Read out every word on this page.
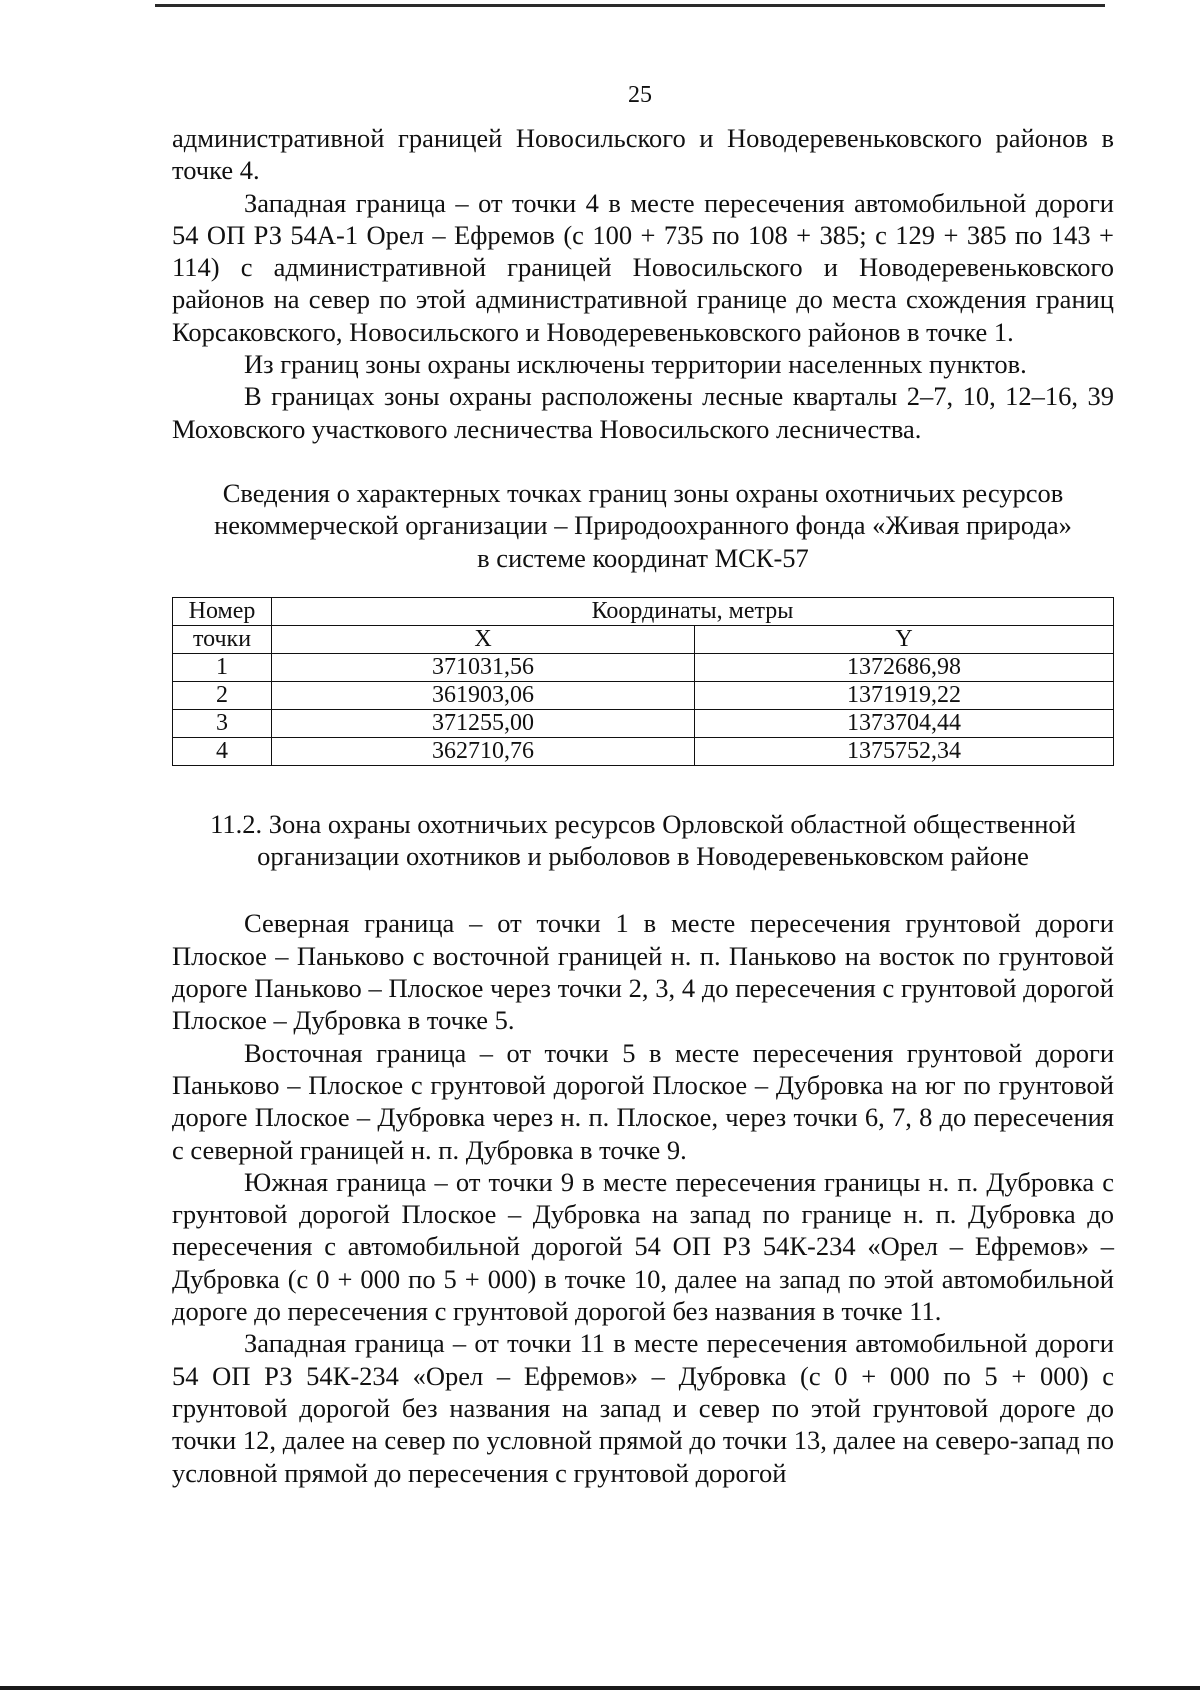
25

административной границей Новосильского и Новодеревеньковского районов в точке 4.

Западная граница – от точки 4 в месте пересечения автомобильной дороги 54 ОП РЗ 54А-1 Орел – Ефремов (с 100 + 735 по 108 + 385; с 129 + 385 по 143 + 114) с административной границей Новосильского и Новодеревеньковского районов на север по этой административной границе до места схождения границ Корсаковского, Новосильского и Новодеревеньковского районов в точке 1.

Из границ зоны охраны исключены территории населенных пунктов.

В границах зоны охраны расположены лесные кварталы 2–7, 10, 12–16, 39 Моховского участкового лесничества Новосильского лесничества.

Сведения о характерных точках границ зоны охраны охотничьих ресурсов
некоммерческой организации – Природоохранного фонда «Живая природа»
в системе координат МСК-57
Номер	Координаты, метры	
точки	X	Y
1	371031,56	1372686,98
2	361903,06	1371919,22
3	371255,00	1373704,44
4	362710,76	1375752,34
11.2. Зона охраны охотничьих ресурсов Орловской областной общественной
организации охотников и рыболовов в Новодеревеньковском районе

Северная граница – от точки 1 в месте пересечения грунтовой дороги Плоское – Паньково с восточной границей н. п. Паньково на восток по грунтовой дороге Паньково – Плоское через точки 2, 3, 4 до пересечения с грунтовой дорогой Плоское – Дубровка в точке 5.

Восточная граница – от точки 5 в месте пересечения грунтовой дороги Паньково – Плоское с грунтовой дорогой Плоское – Дубровка на юг по грунтовой дороге Плоское – Дубровка через н. п. Плоское, через точки 6, 7, 8 до пересечения с северной границей н. п. Дубровка в точке 9.

Южная граница – от точки 9 в месте пересечения границы н. п. Дубровка с грунтовой дорогой Плоское – Дубровка на запад по границе н. п. Дубровка до пересечения с автомобильной дорогой 54 ОП РЗ 54К-234 «Орел – Ефремов» – Дубровка (с 0 + 000 по 5 + 000) в точке 10, далее на запад по этой автомобильной дороге до пересечения с грунтовой дорогой без названия в точке 11.

Западная граница – от точки 11 в месте пересечения автомобильной дороги 54 ОП РЗ 54К-234 «Орел – Ефремов» – Дубровка (с 0 + 000 по 5 + 000) с грунтовой дорогой без названия на запад и север по этой грунтовой дороге до точки 12, далее на север по условной прямой до точки 13, далее на северо-запад по условной прямой до пересечения с грунтовой дорогой
